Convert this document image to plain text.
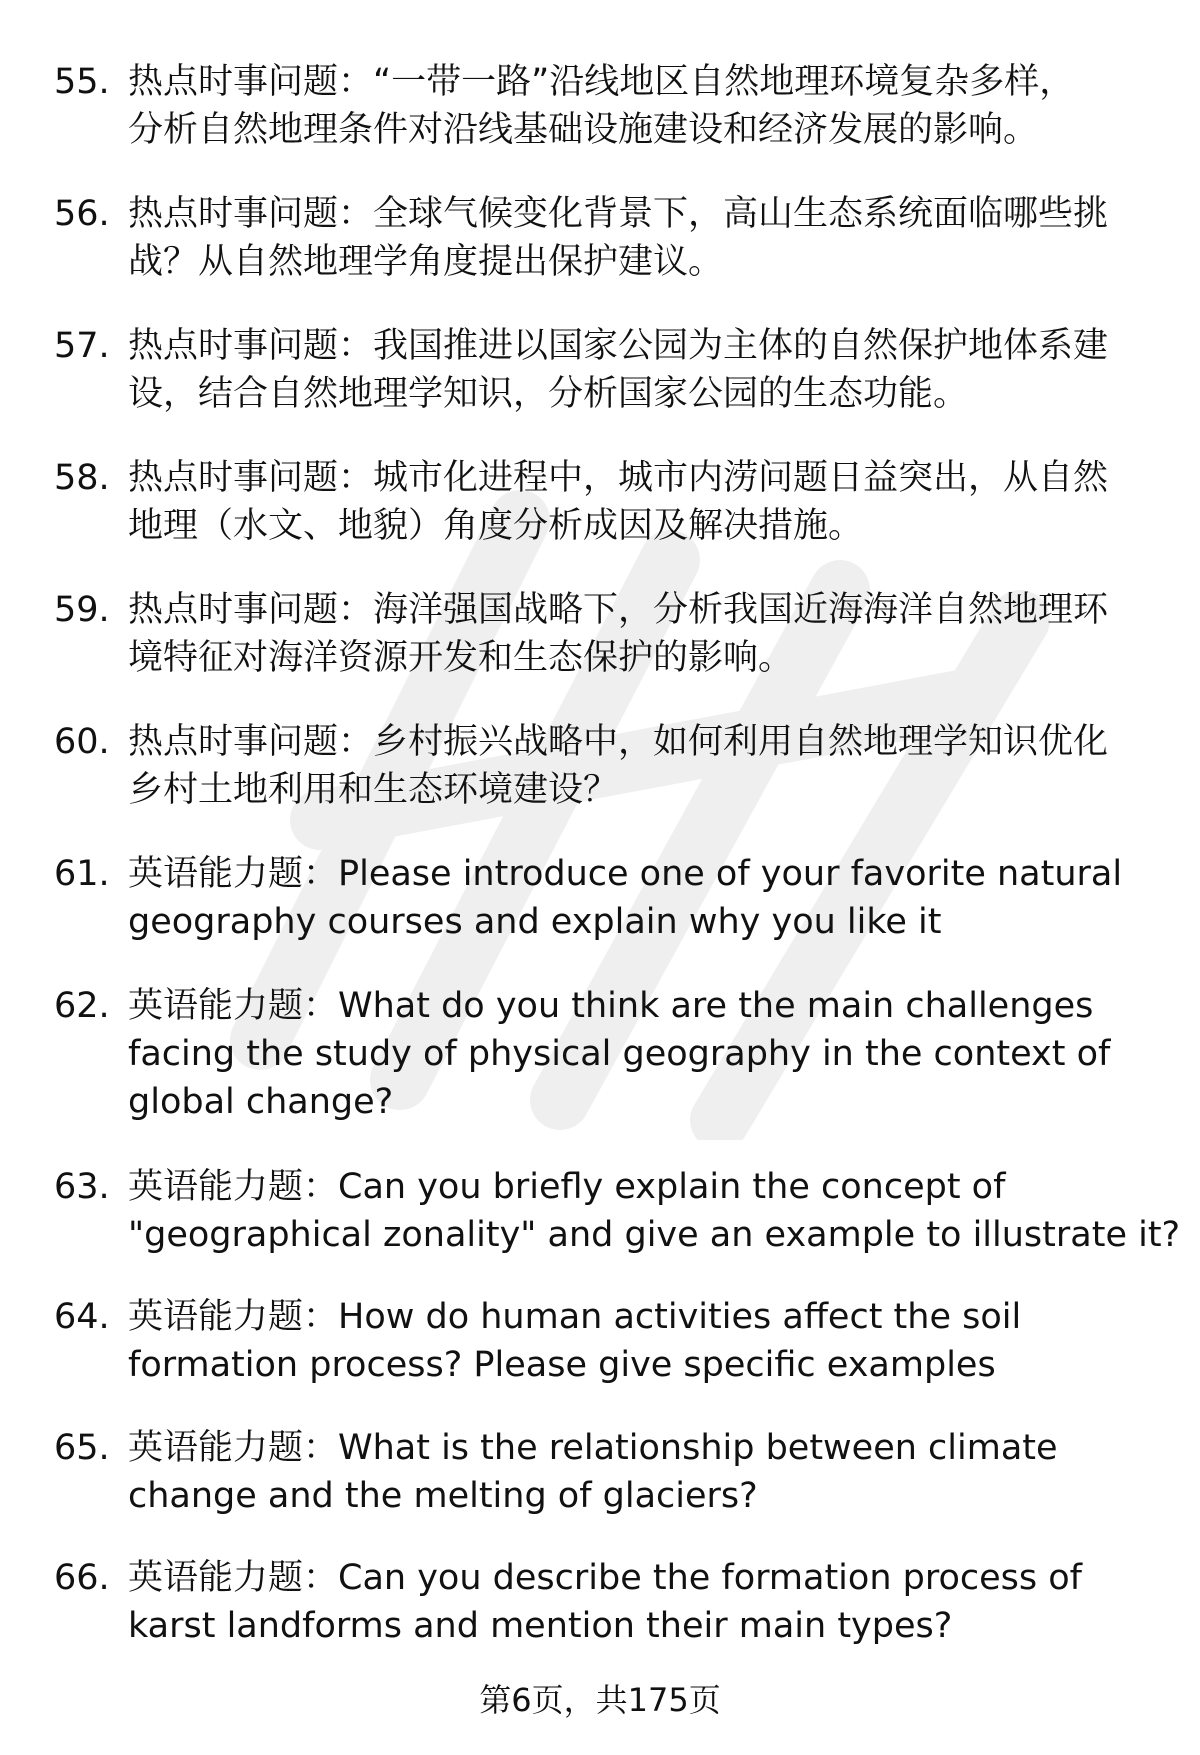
55. 热点时事问题：“一带一路”沿线地区自然地理环境复杂多样，
分析自然地理条件对沿线基础设施建设和经济发展的影响。
56. 热点时事问题：全球气候变化背景下，高山生态系统面临哪些挑
战？从自然地理学角度提出保护建议。
57. 热点时事问题：我国推进以国家公园为主体的自然保护地体系建
设，结合自然地理学知识，分析国家公园的生态功能。
58. 热点时事问题：城市化进程中，城市内涝问题日益突出，从自然
地理（水文、地貌）角度分析成因及解决措施。
59. 热点时事问题：海洋强国战略下，分析我国近海海洋自然地理环
境特征对海洋资源开发和生态保护的影响。
60. 热点时事问题：乡村振兴战略中，如何利用自然地理学知识优化
乡村土地利用和生态环境建设？
61. 英语能力题：Please introduce one of your favorite natural
geography courses and explain why you like it
62. 英语能力题：What do you think are the main challenges
facing the study of physical geography in the context of
global change?
63. 英语能力题：Can you briefly explain the concept of
"geographical zonality" and give an example to illustrate it?
64. 英语能力题：How do human activities affect the soil
formation process? Please give specific examples
65. 英语能力题：What is the relationship between climate
change and the melting of glaciers?
66. 英语能力题：Can you describe the formation process of
karst landforms and mention their main types?
第6页，共175页
